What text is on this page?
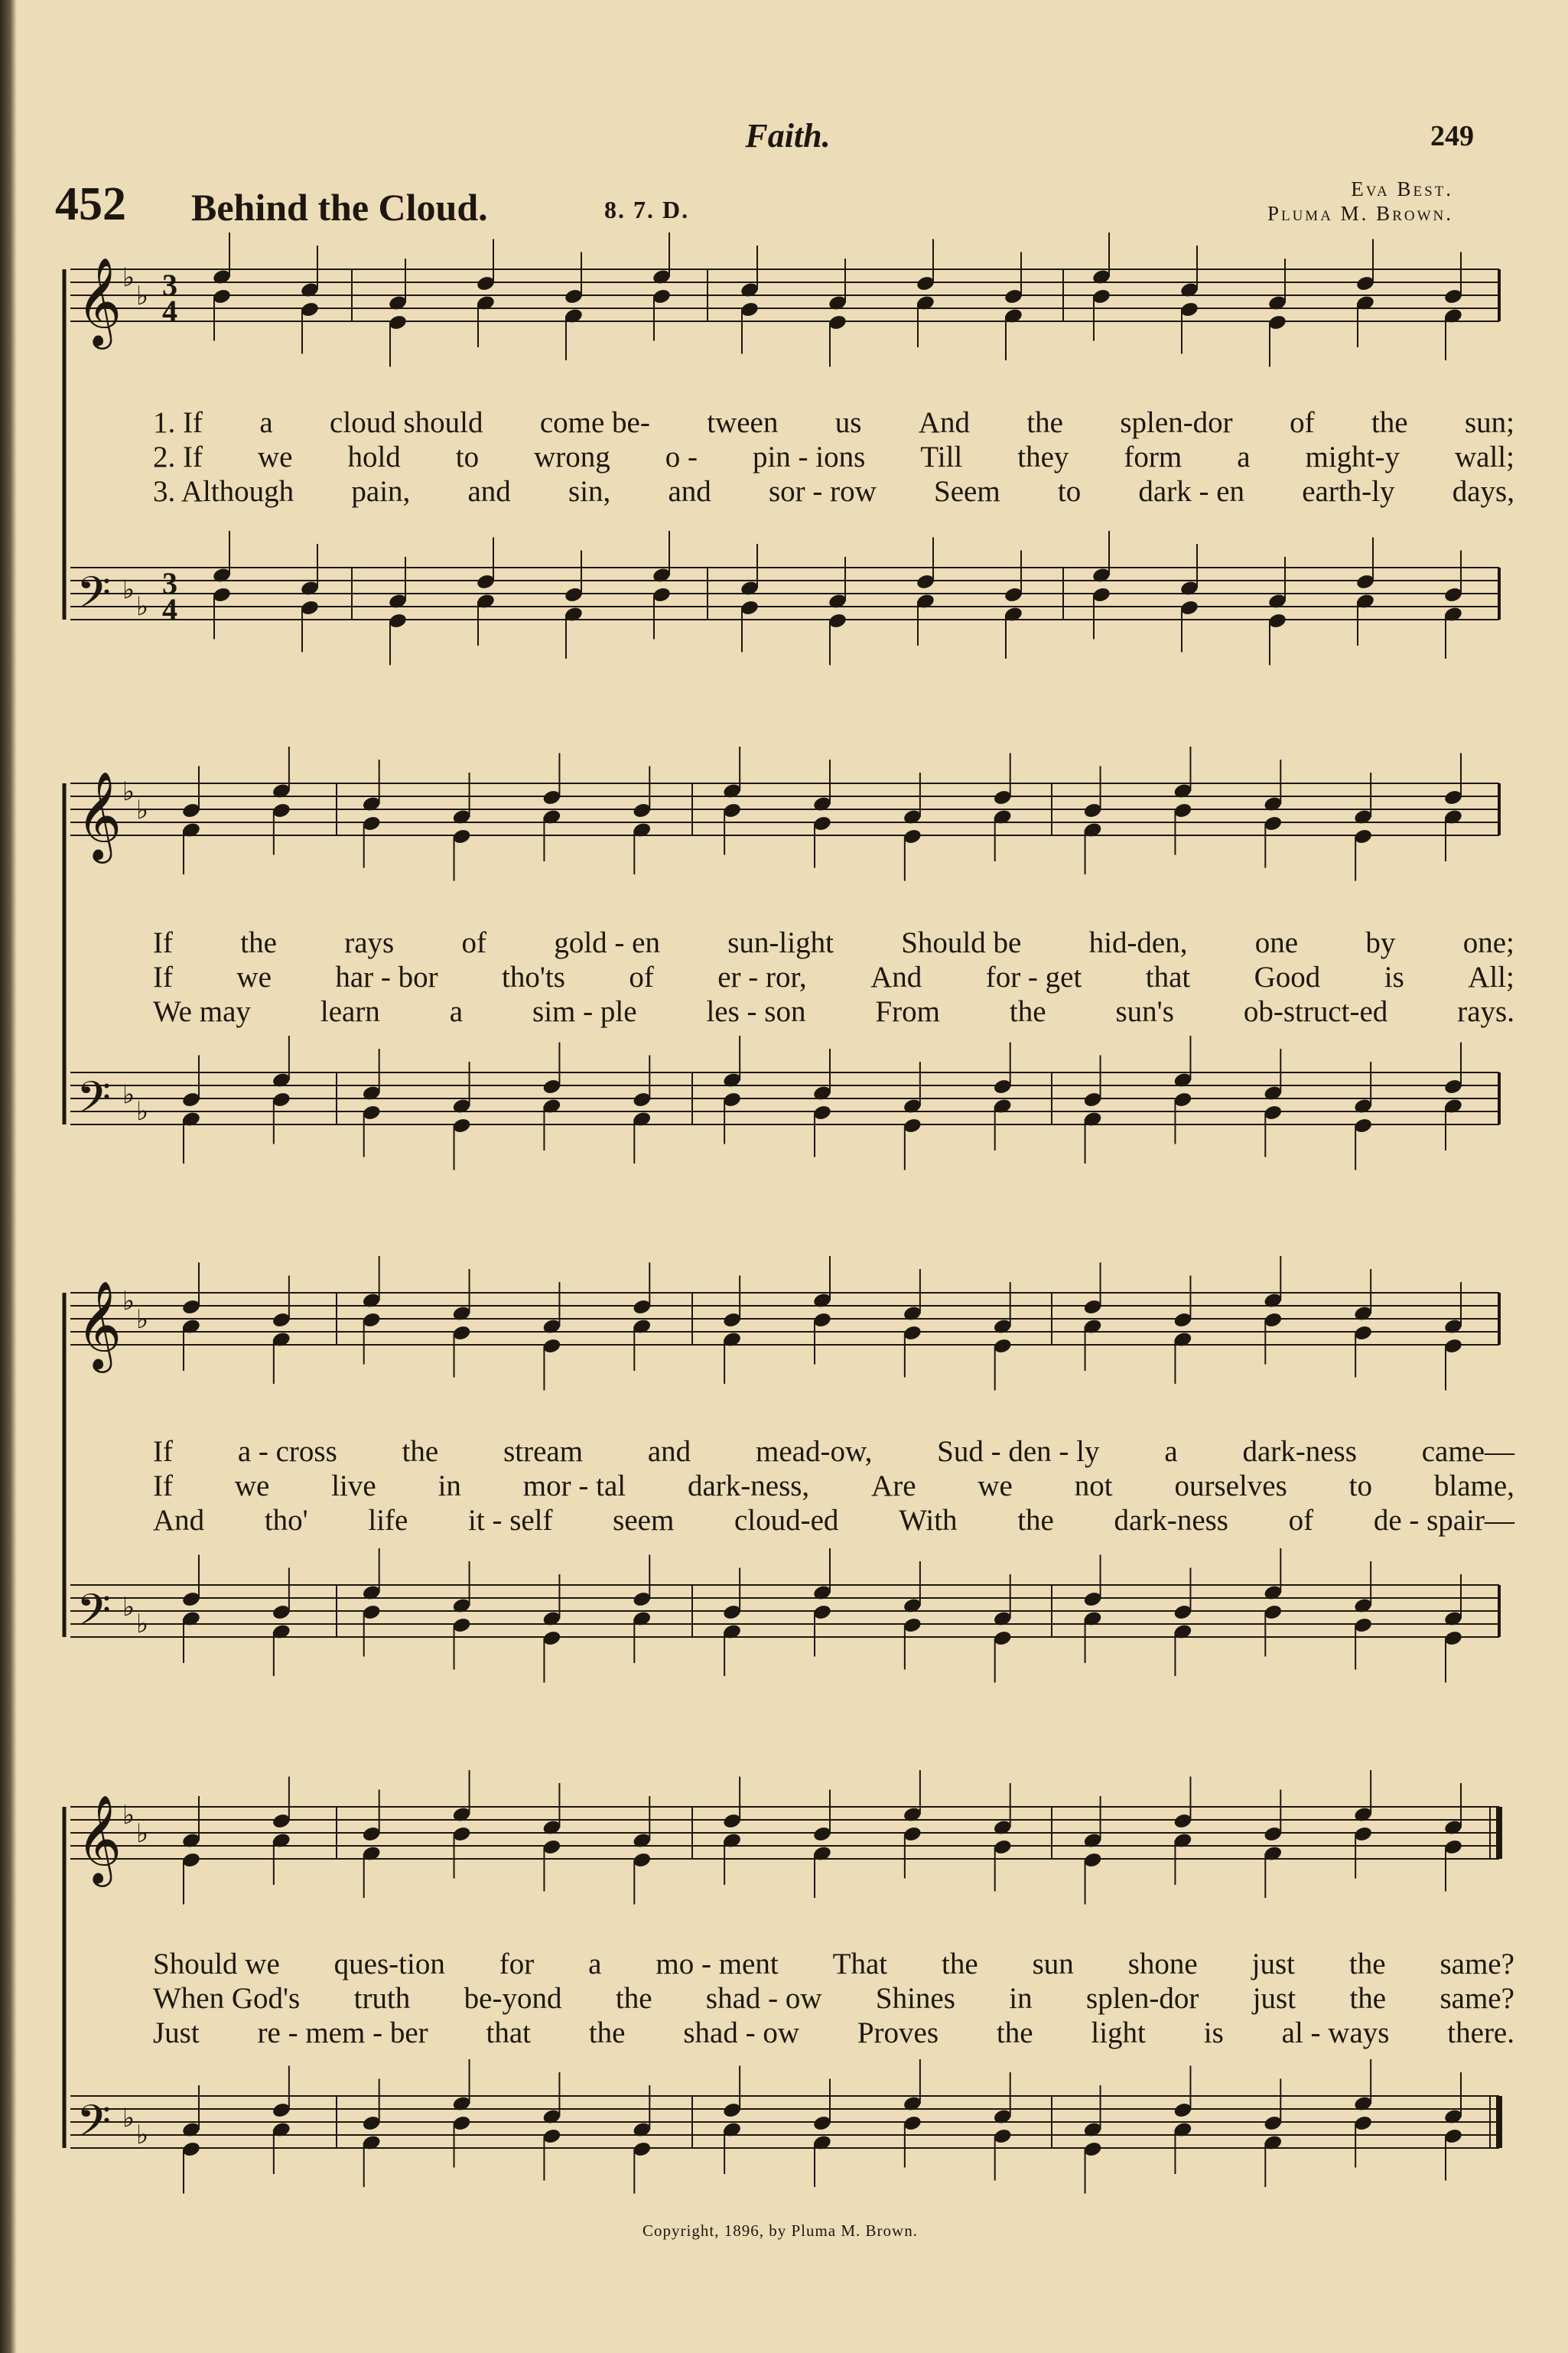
Faith.	249
452 Behind the Cloud.	8. 7. D.
Eva Best.
Pluma M. Brown.
𝄞 ♭
♭
𝄢 ♭
♭
𝄞 ♭
♭
𝄢 ♭
♭
𝄞 ♭
♭
𝄢 ♭
♭
𝄞 ♭
♭
𝄢 ♭
♭
3
4
3
4
1. If a cloud should come be- tween us And the splen-dor of the sun;
2. If we hold to wrong o - pin - ions Till they form a might-y wall;
3. Although pain, and sin, and sor - row Seem to dark - en earth-ly days,
If the rays of gold - en sun-light Should be hid-den, one by one;
If we har - bor tho'ts of er - ror, And for - get that Good is All;
We may learn a sim - ple les - son From the sun's ob-struct-ed rays.
If a - cross the stream and mead-ow, Sud - den - ly a dark-ness came—
If we live in mor - tal dark-ness, Are we not ourselves to blame,
And tho' life it - self seem cloud-ed With the dark-ness of de - spair—
Should we ques-tion for a mo - ment That the sun shone just the same?
When God's truth be-yond the shad - ow Shines in splen-dor just the same?
Just re - mem - ber that the shad - ow Proves the light is al - ways there.
Copyright, 1896, by Pluma M. Brown.
